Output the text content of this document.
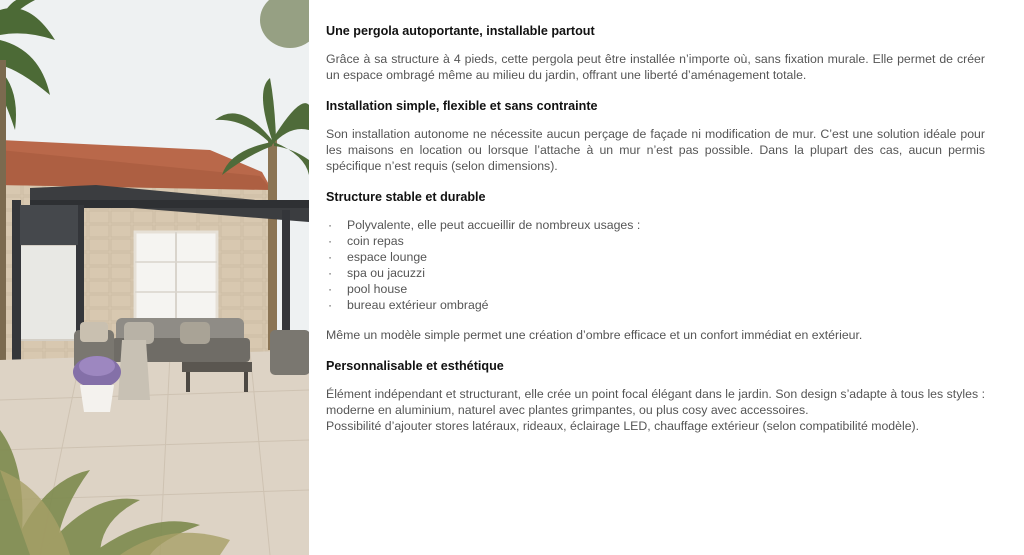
Une pergola autoportante, installable partout

Grâce à sa structure à 4 pieds, cette pergola peut être installée n’importe où, sans fixation murale. Elle permet de créer un espace ombragé même au milieu du jardin, offrant une liberté d’aménagement totale.

Installation simple, flexible et sans contrainte

Son installation autonome ne nécessite aucun perçage de façade ni modification de mur. C’est une solution idéale pour les maisons en location ou lorsque l’attache à un mur n’est pas possible. Dans la plupart des cas, aucun permis spécifique n’est requis (selon dimensions).

Structure stable et durable
· Polyvalente, elle peut accueillir de nombreux usages :
· coin repas
· espace lounge
· spa ou jacuzzi
· pool house
· bureau extérieur ombragé

Même un modèle simple permet une création d’ombre efficace et un confort immédiat en extérieur.

Personnalisable et esthétique

Élément indépendant et structurant, elle crée un point focal élégant dans le jardin. Son design s’adapte à tous les styles : moderne en aluminium, naturel avec plantes grimpantes, ou plus cosy avec accessoires.
Possibilité d’ajouter stores latéraux, rideaux, éclairage LED, chauffage extérieur (selon compatibilité modèle).
